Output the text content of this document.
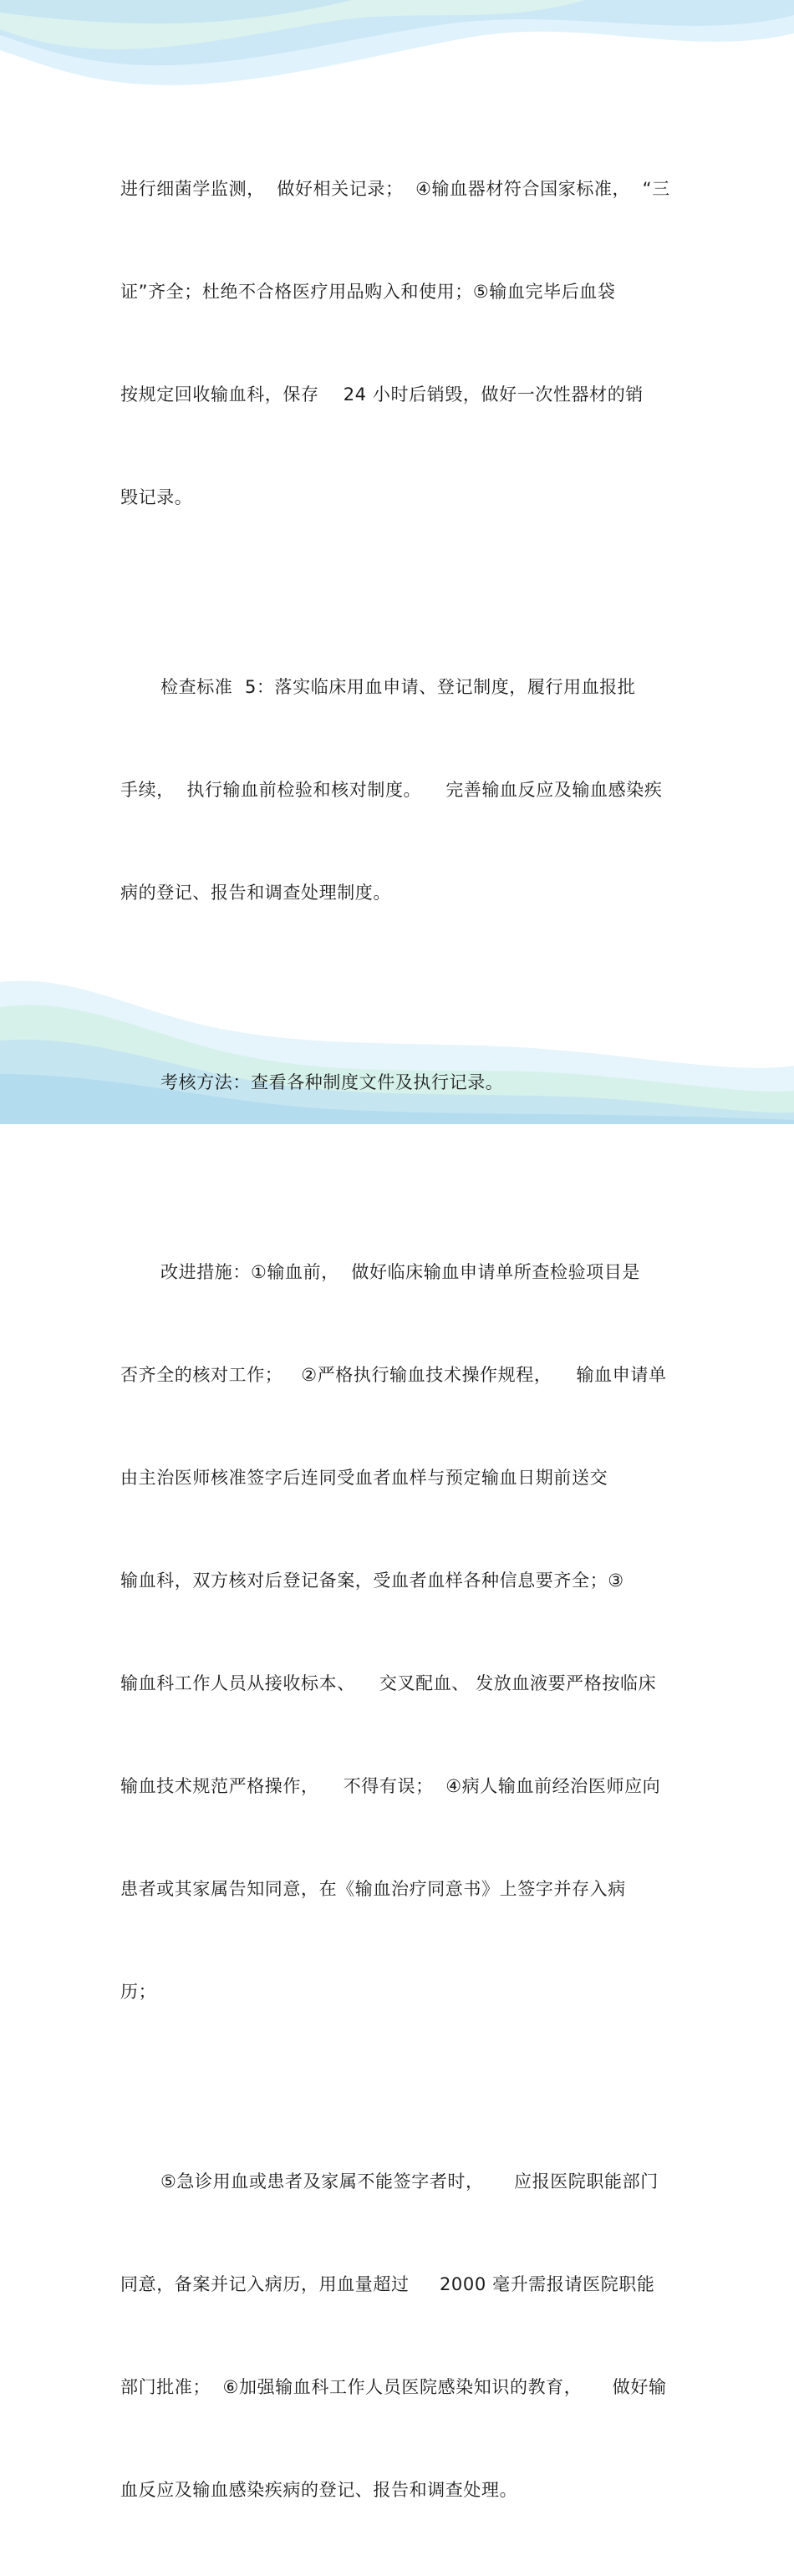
进行细菌学监测，  做好相关记录；  ④输血器材符合国家标准，  “三

证”齐全；杜绝不合格医疗用品购入和使用；⑤输血完毕后血袋

按规定回收输血科，保存    24 小时后销毁，做好一次性器材的销

毁记录。

检查标准  5：落实临床用血申请、登记制度，履行用血报批

手续，  执行输血前检验和核对制度。    完善输血反应及输血感染疾

病的登记、报告和调查处理制度。

考核方法：查看各种制度文件及执行记录。

改进措施：①输血前，  做好临床输血申请单所查检验项目是

否齐全的核对工作；   ②严格执行输血技术操作规程，    输血申请单

由主治医师核准签字后连同受血者血样与预定输血日期前送交

输血科，双方核对后登记备案，受血者血样各种信息要齐全；③

输血科工作人员从接收标本、    交叉配血、 发放血液要严格按临床

输血技术规范严格操作，    不得有误；  ④病人输血前经治医师应向

患者或其家属告知同意，在《输血治疗同意书》上签字并存入病

历；

⑤急诊用血或患者及家属不能签字者时，     应报医院职能部门

同意，备案并记入病历，用血量超过     2000 毫升需报请医院职能

部门批准；  ⑥加强输血科工作人员医院感染知识的教育，     做好输

血反应及输血感染疾病的登记、报告和调查处理。
